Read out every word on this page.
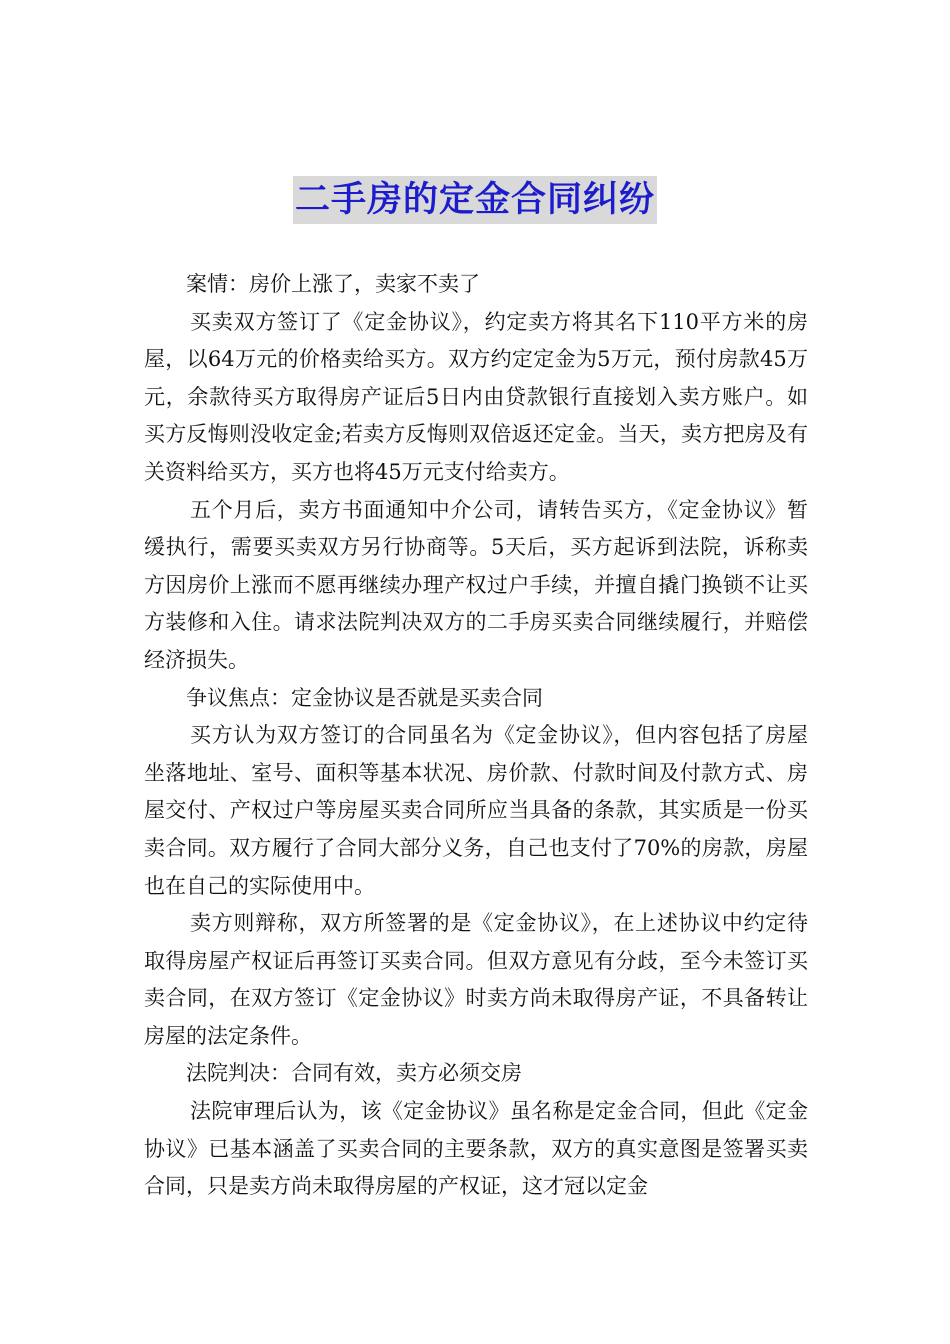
二手房的定金合同纠纷

案情：房价上涨了，卖家不卖了

买卖双方签订了《定金协议》，约定卖方将其名下110平方米的房屋，以64万元的价格卖给买方。双方约定定金为5万元，预付房款45万元，余款待买方取得房产证后5日内由贷款银行直接划入卖方账户。如买方反悔则没收定金;若卖方反悔则双倍返还定金。当天，卖方把房及有关资料给买方，买方也将45万元支付给卖方。

五个月后，卖方书面通知中介公司，请转告买方，《定金协议》暂缓执行，需要买卖双方另行协商等。5天后，买方起诉到法院，诉称卖方因房价上涨而不愿再继续办理产权过户手续，并擅自撬门换锁不让买方装修和入住。请求法院判决双方的二手房买卖合同继续履行，并赔偿经济损失。

争议焦点：定金协议是否就是买卖合同

买方认为双方签订的合同虽名为《定金协议》，但内容包括了房屋坐落地址、室号、面积等基本状况、房价款、付款时间及付款方式、房屋交付、产权过户等房屋买卖合同所应当具备的条款，其实质是一份买卖合同。双方履行了合同大部分义务，自己也支付了70%的房款，房屋也在自己的实际使用中。

卖方则辩称，双方所签署的是《定金协议》，在上述协议中约定待取得房屋产权证后再签订买卖合同。但双方意见有分歧，至今未签订买卖合同，在双方签订《定金协议》时卖方尚未取得房产证，不具备转让房屋的法定条件。

法院判决：合同有效，卖方必须交房

法院审理后认为，该《定金协议》虽名称是定金合同，但此《定金协议》已基本涵盖了买卖合同的主要条款，双方的真实意图是签署买卖合同，只是卖方尚未取得房屋的产权证，这才冠以定金
